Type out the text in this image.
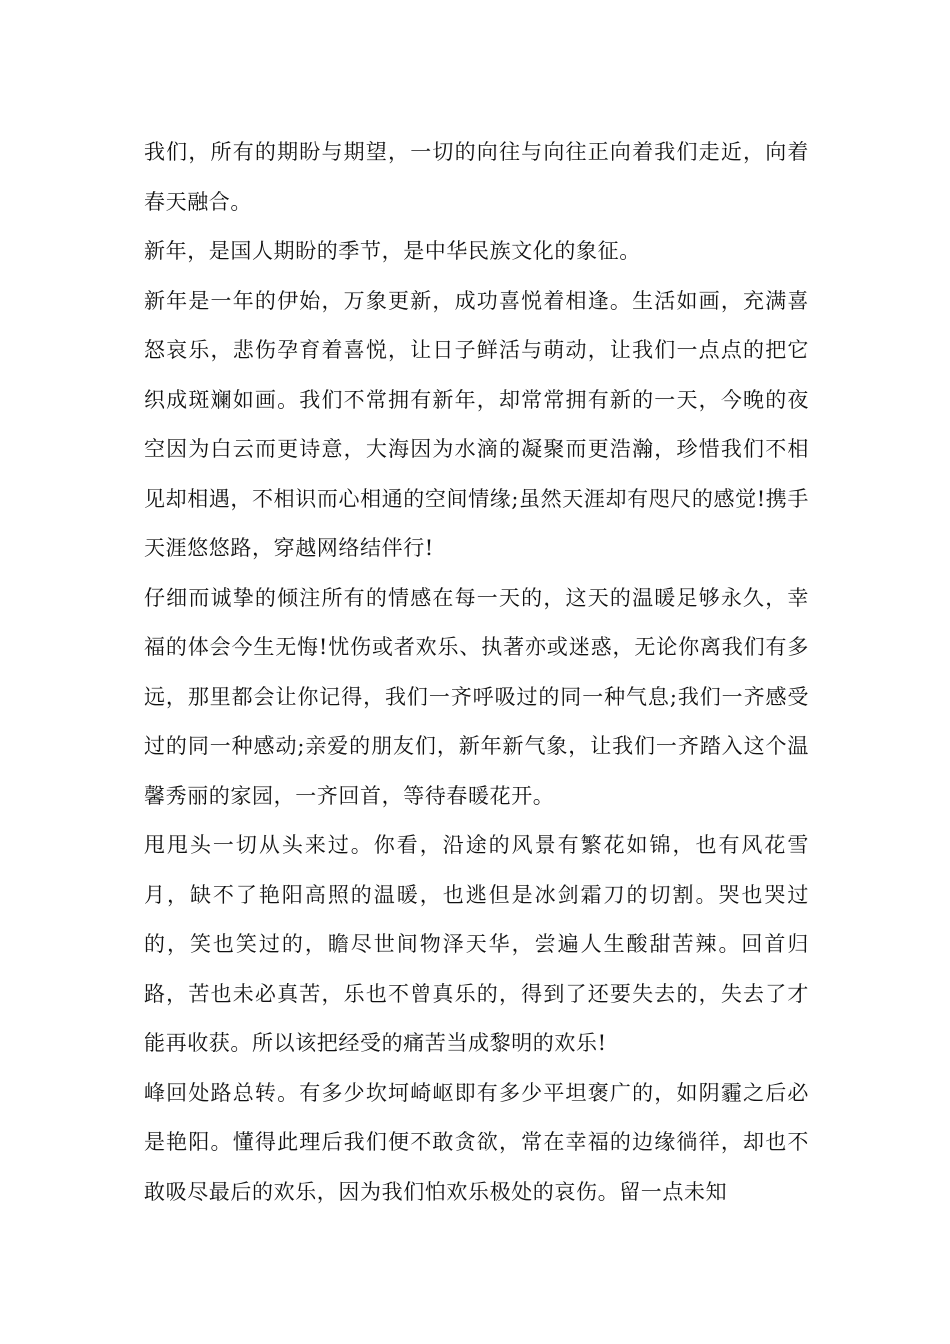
我们，所有的期盼与期望，一切的向往与向往正向着我们走近，向着春天融合。

新年，是国人期盼的季节，是中华民族文化的象征。

新年是一年的伊始，万象更新，成功喜悦着相逢。生活如画，充满喜怒哀乐，悲伤孕育着喜悦，让日子鲜活与萌动，让我们一点点的把它织成斑斓如画。我们不常拥有新年，却常常拥有新的一天，今晚的夜空因为白云而更诗意，大海因为水滴的凝聚而更浩瀚，珍惜我们不相见却相遇，不相识而心相通的空间情缘;虽然天涯却有咫尺的感觉!携手天涯悠悠路，穿越网络结伴行!

仔细而诚挚的倾注所有的情感在每一天的，这天的温暖足够永久，幸福的体会今生无悔!忧伤或者欢乐、执著亦或迷惑，无论你离我们有多远，那里都会让你记得，我们一齐呼吸过的同一种气息;我们一齐感受过的同一种感动;亲爱的朋友们，新年新气象，让我们一齐踏入这个温馨秀丽的家园，一齐回首，等待春暖花开。

甩甩头一切从头来过。你看，沿途的风景有繁花如锦，也有风花雪月，缺不了艳阳高照的温暖，也逃但是冰剑霜刀的切割。哭也哭过的，笑也笑过的，瞻尽世间物泽天华，尝遍人生酸甜苦辣。回首归路，苦也未必真苦，乐也不曾真乐的，得到了还要失去的，失去了才能再收获。所以该把经受的痛苦当成黎明的欢乐!

峰回处路总转。有多少坎坷崎岖即有多少平坦褒广的，如阴霾之后必是艳阳。懂得此理后我们便不敢贪欲，常在幸福的边缘徜徉，却也不敢吸尽最后的欢乐，因为我们怕欢乐极处的哀伤。留一点未知
